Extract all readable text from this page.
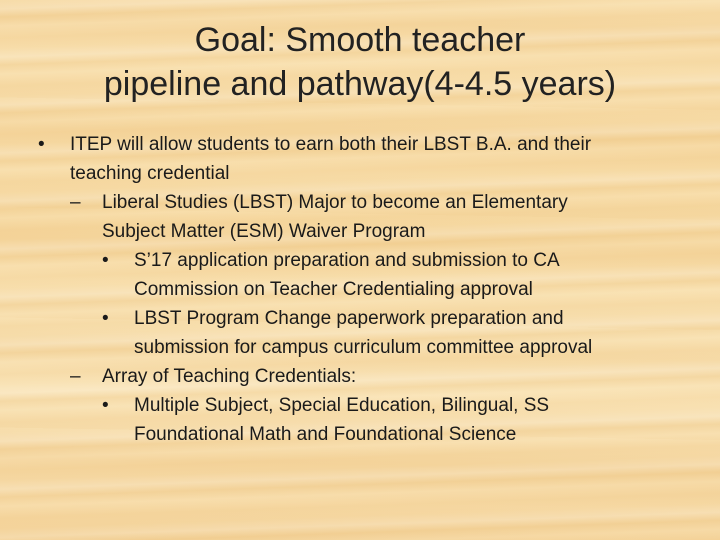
Goal: Smooth teacher
pipeline and pathway(4-4.5 years)
• ITEP will allow students to earn both their LBST B.A. and their
teaching credential
– Liberal Studies (LBST) Major to become an Elementary
Subject Matter (ESM) Waiver Program
• S’17 application preparation and submission to CA
Commission on Teacher Credentialing approval
• LBST Program Change paperwork preparation and
submission for campus curriculum committee approval
– Array of Teaching Credentials:
• Multiple Subject, Special Education, Bilingual, SS
Foundational Math and Foundational Science
